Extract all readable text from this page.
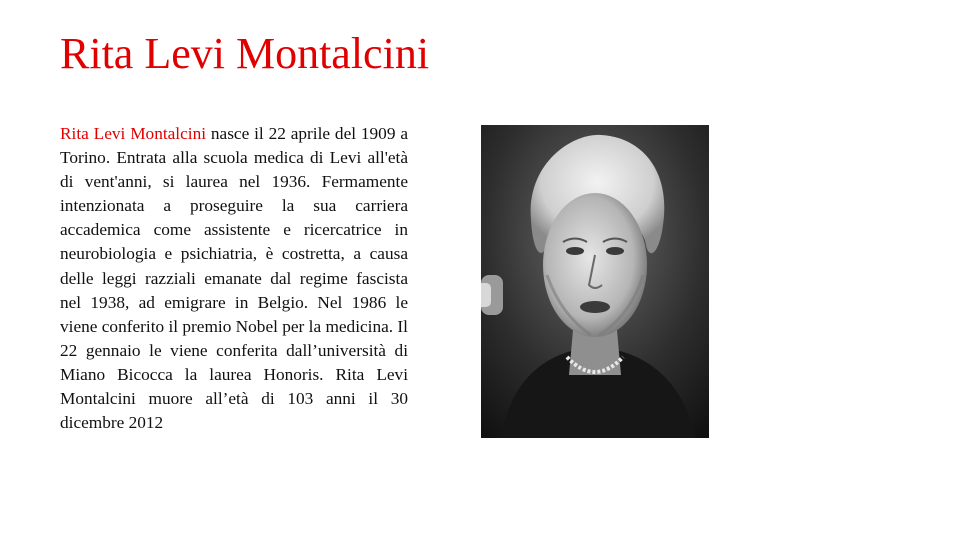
Rita Levi Montalcini
Rita Levi Montalcini nasce il 22 aprile del 1909 a Torino. Entrata alla scuola medica di Levi all'età di vent'anni, si laurea nel 1936. Fermamente intenzionata a proseguire la sua carriera accademica come assistente e ricercatrice in neurobiologia e psichiatria, è costretta, a causa delle leggi razziali emanate dal regime fascista nel 1938, ad emigrare in Belgio. Nel 1986 le viene conferito il premio Nobel per la medicina. Il 22 gennaio le viene conferita dall’università di Miano Bicocca la laurea Honoris. Rita Levi Montalcini muore all’età di 103 anni il 30 dicembre 2012
